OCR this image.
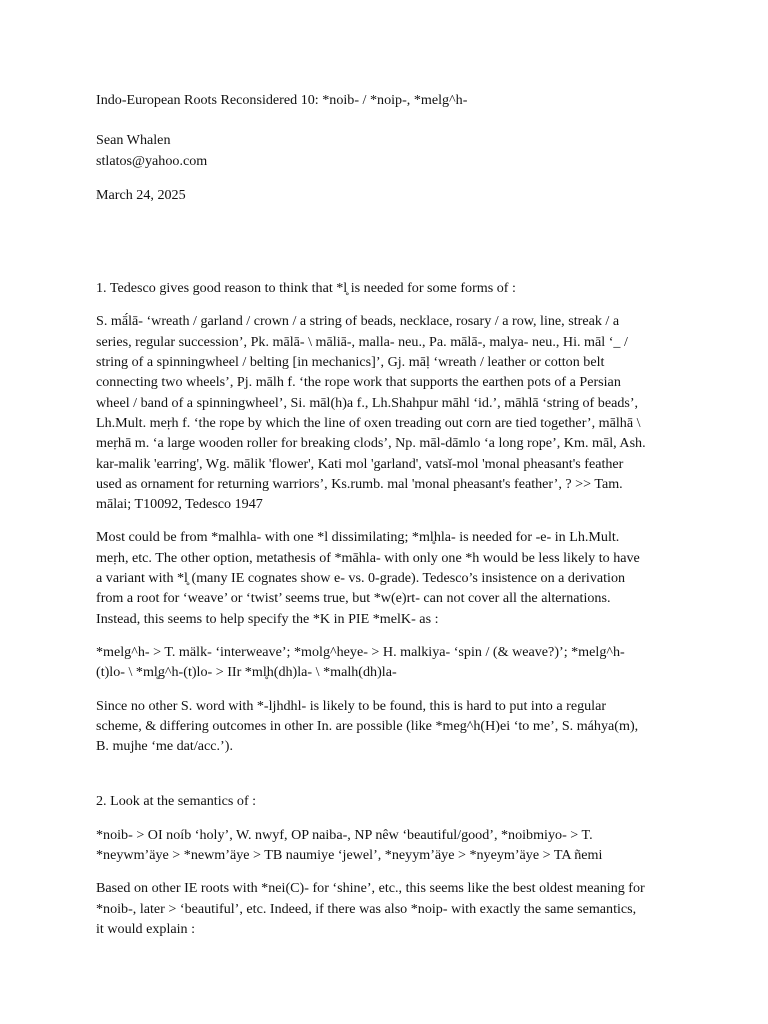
Indo-European Roots Reconsidered 10: *noib- / *noip-, *melg^h-
Sean Whalen
stlatos@yahoo.com
March 24, 2025
1. Tedesco gives good reason to think that *l̥ is needed for some forms of :
S. mā́lā- ‘wreath / garland / crown / a string of beads, necklace, rosary / a row, line, streak / a
series, regular succession’, Pk. mālā- \ māliā-, malla- neu., Pa. mālā-, malya- neu., Hi. māl ‘_ /
string of a spinningwheel / belting [in mechanics]’, Gj. māḷ ‘wreath / leather or cotton belt
connecting two wheels’, Pj. mālh f. ‘the rope work that supports the earthen pots of a Persian
wheel / band of a spinningwheel’, Si. māl(h)a f., Lh.Shahpur māhl ‘id.’, māhlā ‘string of beads’,
Lh.Mult. meṛh f. ‘the rope by which the line of oxen treading out corn are tied together’, mālhā \
meṛhā m. ‘a large wooden roller for breaking clods’, Np. māl-dāmlo ‘a long rope’, Km. māl, Ash.
kar-malik 'earring', Wg. mālik 'flower', Kati mol 'garland', vatsǐ-mol 'monal pheasant's feather
used as ornament for returning warriors’, Ks.rumb. mal 'monal pheasant's feather’, ? >> Tam.
mālai; T10092, Tedesco 1947
Most could be from *malhla- with one *l dissimilating; *ml̥hla- is needed for -e- in Lh.Mult.
meṛh, etc. The other option, metathesis of *māhla- with only one *h would be less likely to have
a variant with *l̥ (many IE cognates show e- vs. 0-grade). Tedesco’s insistence on a derivation
from a root for ‘weave’ or ‘twist’ seems true, but *w(e)rt- can not cover all the alternations.
Instead, this seems to help specify the *K in PIE *melK- as :
*melg^h- > T. mälk- ‘interweave’; *molg^heye- > H. malkiya- ‘spin / (& weave?)’; *melg^h-
(t)lo- \ *ml̥g^h-(t)lo- > IIr *ml̥h(dh)la- \ *malh(dh)la-
Since no other S. word with *-ljhdhl- is likely to be found, this is hard to put into a regular
scheme, & differing outcomes in other In. are possible (like *meg^h(H)ei ‘to me’, S. máhya(m),
B. mujhe ‘me dat/acc.’).
2. Look at the semantics of :
*noib- > OI noíb ‘holy’, W. nwyf, OP naiba-, NP nêw ‘beautiful/good’, *noibmiyo- > T.
*neywm’äye > *newm’äye > TB naumiye ‘jewel’, *neyym’äye > *nyeym’äye > TA ñemi
Based on other IE roots with *nei(C)- for ‘shine’, etc., this seems like the best oldest meaning for
*noib-, later > ‘beautiful’, etc. Indeed, if there was also *noip- with exactly the same semantics,
it would explain :
